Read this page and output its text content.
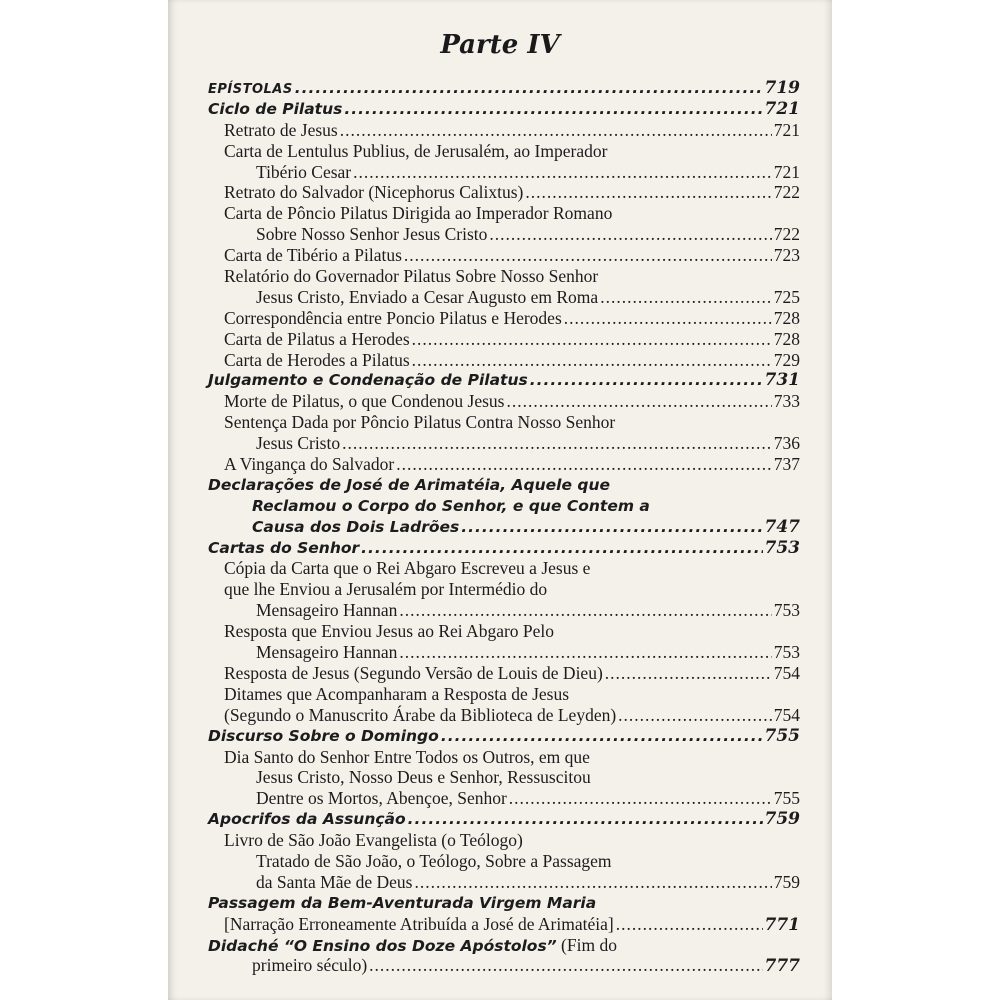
Parte IV
EPÍSTOLAS .....	719
Ciclo de Pilatus .....	721
Retrato de Jesus .....	721
Carta de Lentulus Publius, de Jerusalém, ao Imperador
Tibério Cesar .....	721
Retrato do Salvador (Nicephorus Calixtus) .....	722
Carta de Pôncio Pilatus Dirigida ao Imperador Romano
Sobre Nosso Senhor Jesus Cristo .....	722
Carta de Tibério a Pilatus .....	723
Relatório do Governador Pilatus Sobre Nosso Senhor
Jesus Cristo, Enviado a Cesar Augusto em Roma .....	725
Correspondência entre Poncio Pilatus e Herodes .....	728
Carta de Pilatus a Herodes .....	728
Carta de Herodes a Pilatus .....	729
Julgamento e Condenação de Pilatus .....	731
Morte de Pilatus, o que Condenou Jesus .....	733
Sentença Dada por Pôncio Pilatus Contra Nosso Senhor
Jesus Cristo .....	736
A Vingança do Salvador .....	737
Declarações de José de Arimatéia, Aquele que
Reclamou o Corpo do Senhor, e que Contem a
Causa dos Dois Ladrões .....	747
Cartas do Senhor .....	753
Cópia da Carta que o Rei Abgaro Escreveu a Jesus e
que lhe Enviou a Jerusalém por Intermédio do
Mensageiro Hannan .....	753
Resposta que Enviou Jesus ao Rei Abgaro Pelo
Mensageiro Hannan .....	753
Resposta de Jesus (Segundo Versão de Louis de Dieu) .....	754
Ditames que Acompanharam a Resposta de Jesus
(Segundo o Manuscrito Árabe da Biblioteca de Leyden) .....	754
Discurso Sobre o Domingo .....	755
Dia Santo do Senhor Entre Todos os Outros, em que
Jesus Cristo, Nosso Deus e Senhor, Ressuscitou
Dentre os Mortos, Abençoe, Senhor .....	755
Apocrifos da Assunção .....	759
Livro de São João Evangelista (o Teólogo)
Tratado de São João, o Teólogo, Sobre a Passagem
da Santa Mãe de Deus .....	759
Passagem da Bem-Aventurada Virgem Maria
[Narração Erroneamente Atribuída a José de Arimatéia] .....	771
Didaché “O Ensino dos Doze Apóstolos” (Fim do
primeiro século) .....	777
